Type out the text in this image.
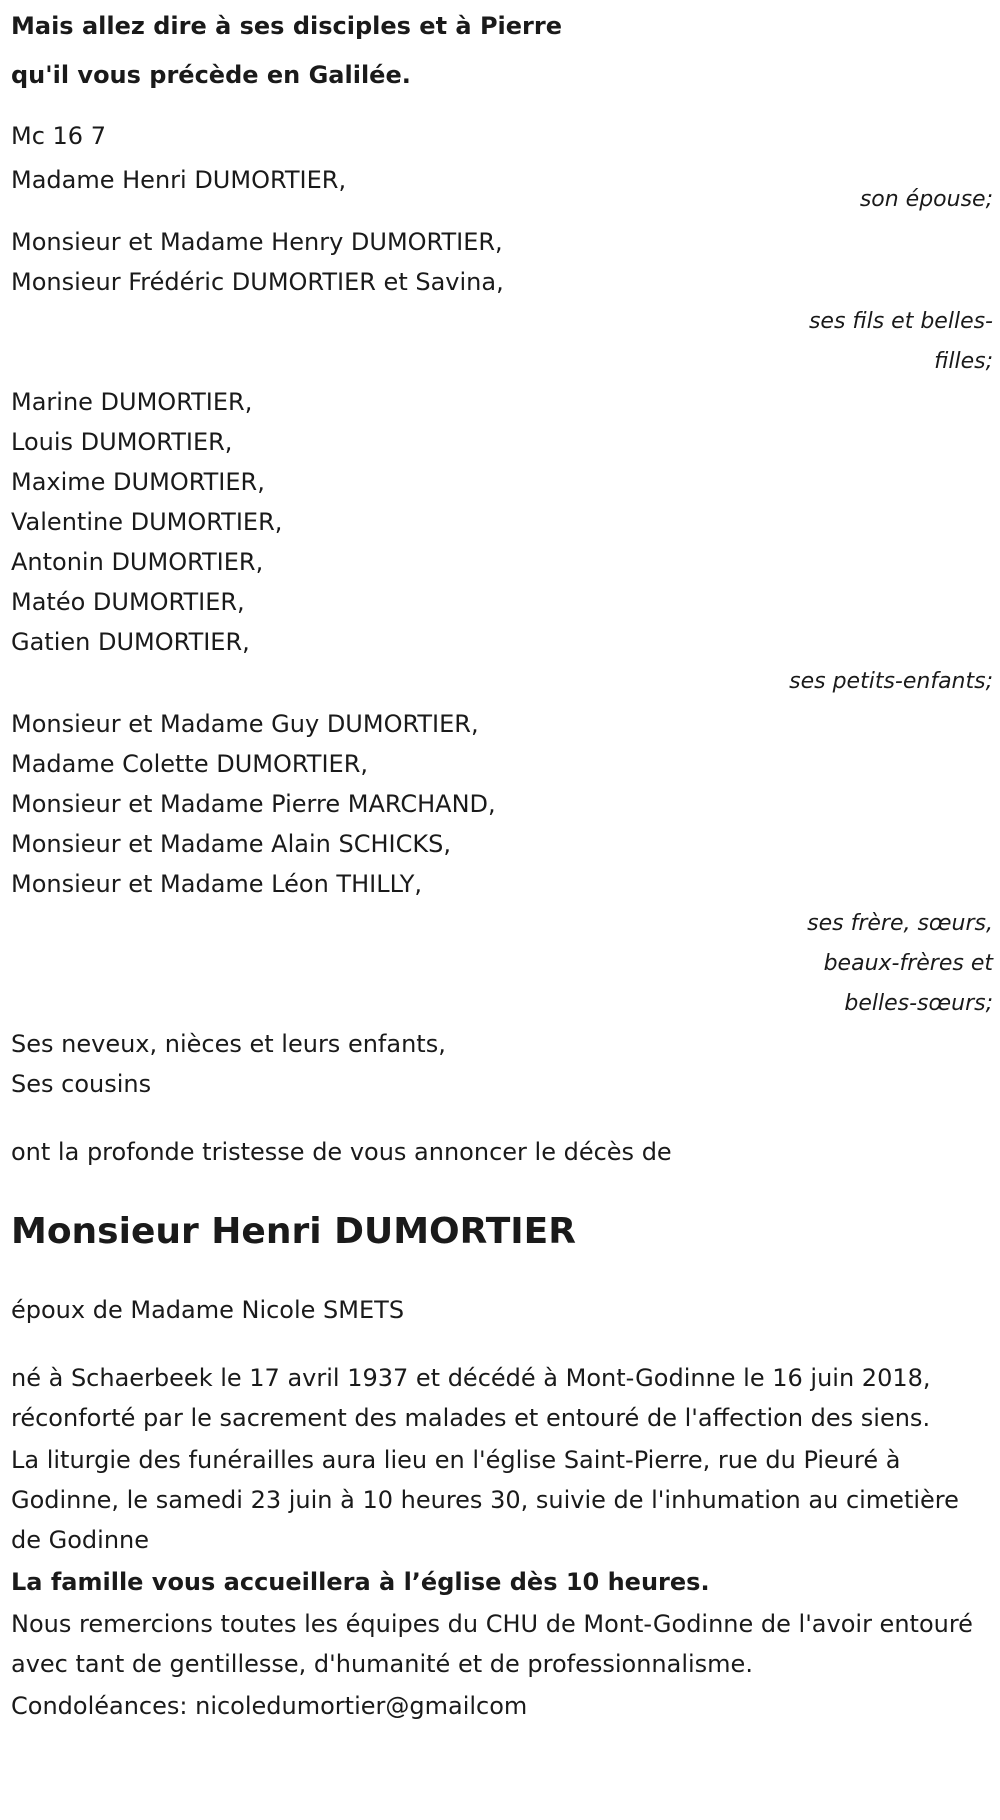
Mais allez dire à ses disciples et à Pierre
qu'il vous précède en Galilée.
Mc 16 7
Madame Henri DUMORTIER,
son épouse;
Monsieur et Madame Henry DUMORTIER,
Monsieur Frédéric DUMORTIER et Savina,
ses fils et belles-
filles;
Marine DUMORTIER,
Louis DUMORTIER,
Maxime DUMORTIER,
Valentine DUMORTIER,
Antonin DUMORTIER,
Matéo DUMORTIER,
Gatien DUMORTIER,
ses petits-enfants;
Monsieur et Madame Guy DUMORTIER,
Madame Colette DUMORTIER,
Monsieur et Madame Pierre MARCHAND,
Monsieur et Madame Alain SCHICKS,
Monsieur et Madame Léon THILLY,
ses frère, sœurs,
beaux-frères et
belles-sœurs;
Ses neveux, nièces et leurs enfants,
Ses cousins
ont la profonde tristesse de vous annoncer le décès de
Monsieur Henri DUMORTIER
époux de Madame Nicole SMETS
né à Schaerbeek le 17 avril 1937 et décédé à Mont-Godinne le 16 juin 2018, réconforté par le sacrement des malades et entouré de l'affection des siens.
La liturgie des funérailles aura lieu en l'église Saint-Pierre, rue du Pieuré à Godinne, le samedi 23 juin à 10 heures 30, suivie de l'inhumation au cimetière de Godinne
La famille vous accueillera à l’église dès 10 heures.
Nous remercions toutes les équipes du CHU de Mont-Godinne de l'avoir entouré avec tant de gentillesse, d'humanité et de professionnalisme.
Condoléances: nicoledumortier@gmailcom
